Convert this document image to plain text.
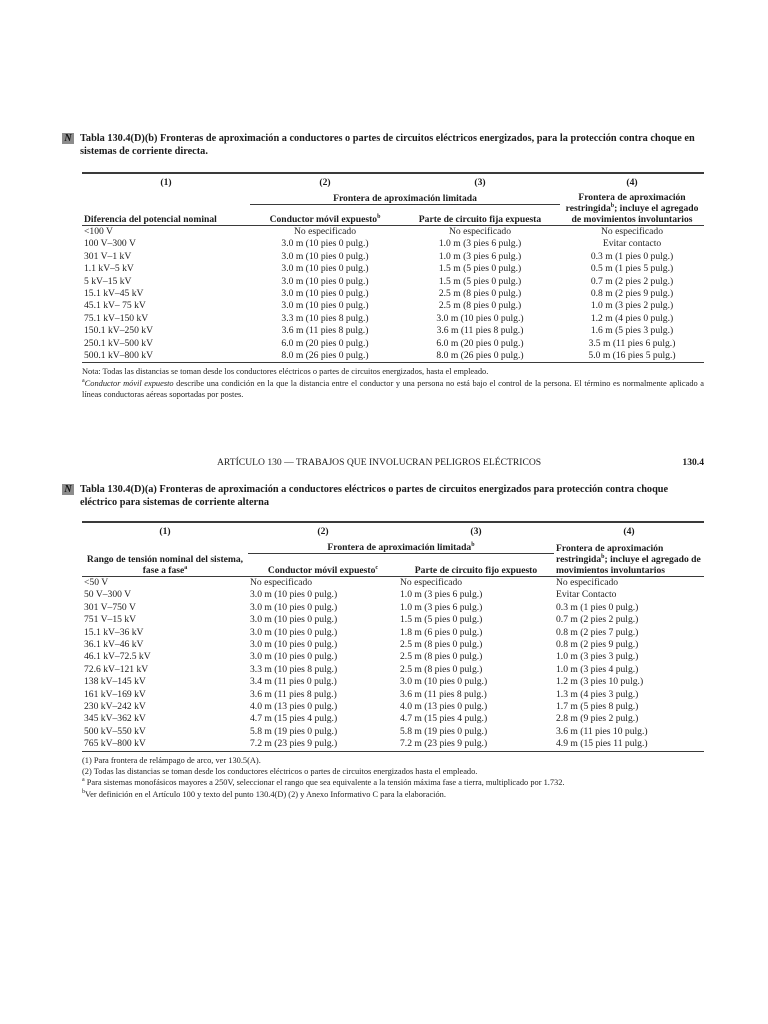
N Tabla 130.4(D)(b) Fronteras de aproximación a conductores o partes de circuitos eléctricos energizados, para la protección contra choque en sistemas de corriente directa.
(1)	(2)	(3)	(4)
Diferencia del potencial nominal	Frontera de aproximación limitada		Frontera de aproximación
restringida$^b$; incluye el agregado de movimientos involuntarios
	Conductor móvil expuesto$^b$	Parte de circuito fija expuesta	
<100 V	No especificado	No especificado	No especificado
100 V–300 V	3.0 m (10 pies 0 pulg.)	1.0 m (3 pies 6 pulg.)	Evitar contacto
301 V–1 kV	3.0 m (10 pies 0 pulg.)	1.0 m (3 pies 6 pulg.)	0.3 m (1 pies 0 pulg.)
1.1 kV–5 kV	3.0 m (10 pies 0 pulg.)	1.5 m (5 pies 0 pulg.)	0.5 m (1 pies 5 pulg.)
5 kV–15 kV	3.0 m (10 pies 0 pulg.)	1.5 m (5 pies 0 pulg.)	0.7 m (2 pies 2 pulg.)
15.1 kV–45 kV	3.0 m (10 pies 0 pulg.)	2.5 m (8 pies 0 pulg.)	0.8 m (2 pies 9 pulg.)
45.1 kV– 75 kV	3.0 m (10 pies 0 pulg.)	2.5 m (8 pies 0 pulg.)	1.0 m (3 pies 2 pulg.)
75.1 kV–150 kV	3.3 m (10 pies 8 pulg.)	3.0 m (10 pies 0 pulg.)	1.2 m (4 pies 0 pulg.)
150.1 kV–250 kV	3.6 m (11 pies 8 pulg.)	3.6 m (11 pies 8 pulg.)	1.6 m (5 pies 3 pulg.)
250.1 kV–500 kV	6.0 m (20 pies 0 pulg.)	6.0 m (20 pies 0 pulg.)	3.5 m (11 pies 6 pulg.)
500.1 kV–800 kV	8.0 m (26 pies 0 pulg.)	8.0 m (26 pies 0 pulg.)	5.0 m (16 pies 5 pulg.)

Nota: Todas las distancias se toman desde los conductores eléctricos o partes de circuitos energizados, hasta el empleado.

$^a$Conductor móvil expuesto describe una condición en la que la distancia entre el conductor y una persona no está bajo el control de la persona. El término es normalmente aplicado a líneas conductoras aéreas soportadas por postes.

ARTÍCULO 130 — TRABAJOS QUE INVOLUCRAN PELIGROS ELÉCTRICOS	130.4
N Tabla 130.4(D)(a) Fronteras de aproximación a conductores eléctricos o partes de circuitos energizados para protección contra choque eléctrico para sistemas de corriente alterna
(1)	(2)	(3)	(4)
Rango de tensión nominal del sistema, fase a fase$^a$	Frontera de aproximación limitada$^b$		Frontera de aproximación
restringida$^b$; incluye el agregado de movimientos involuntarios
	Conductor móvil expuesto$^c$	Parte de circuito fijo expuesto	
<50 V	No especificado	No especificado	No especificado
50 V–300 V	3.0 m (10 pies 0 pulg.)	1.0 m (3 pies 6 pulg.)	Evitar Contacto
301 V–750 V	3.0 m (10 pies 0 pulg.)	1.0 m (3 pies 6 pulg.)	0.3 m (1 pies 0 pulg.)
751 V–15 kV	3.0 m (10 pies 0 pulg.)	1.5 m (5 pies 0 pulg.)	0.7 m (2 pies 2 pulg.)
15.1 kV–36 kV	3.0 m (10 pies 0 pulg.)	1.8 m (6 pies 0 pulg.)	0.8 m (2 pies 7 pulg.)
36.1 kV–46 kV	3.0 m (10 pies 0 pulg.)	2.5 m (8 pies 0 pulg.)	0.8 m (2 pies 9 pulg.)
46.1 kV–72.5 kV	3.0 m (10 pies 0 pulg.)	2.5 m (8 pies 0 pulg.)	1.0 m (3 pies 3 pulg.)
72.6 kV–121 kV	3.3 m (10 pies 8 pulg.)	2.5 m (8 pies 0 pulg.)	1.0 m (3 pies 4 pulg.)
138 kV–145 kV	3.4 m (11 pies 0 pulg.)	3.0 m (10 pies 0 pulg.)	1.2 m (3 pies 10 pulg.)
161 kV–169 kV	3.6 m (11 pies 8 pulg.)	3.6 m (11 pies 8 pulg.)	1.3 m (4 pies 3 pulg.)
230 kV–242 kV	4.0 m (13 pies 0 pulg.)	4.0 m (13 pies 0 pulg.)	1.7 m (5 pies 8 pulg.)
345 kV–362 kV	4.7 m (15 pies 4 pulg.)	4.7 m (15 pies 4 pulg.)	2.8 m (9 pies 2 pulg.)
500 kV–550 kV	5.8 m (19 pies 0 pulg.)	5.8 m (19 pies 0 pulg.)	3.6 m (11 pies 10 pulg.)
765 kV–800 kV	7.2 m (23 pies 9 pulg.)	7.2 m (23 pies 9 pulg.)	4.9 m (15 pies 11 pulg.)

(1) Para frontera de relámpago de arco, ver 130.5(A).

(2) Todas las distancias se toman desde los conductores eléctricos o partes de circuitos energizados hasta el empleado.

$^a$ Para sistemas monofásicos mayores a 250V, seleccionar el rango que sea equivalente a la tensión máxima fase a tierra, multiplicado por 1.732.

$^b$Ver definición en el Artículo 100 y texto del punto 130.4(D) (2) y Anexo Informativo C para la elaboración.
